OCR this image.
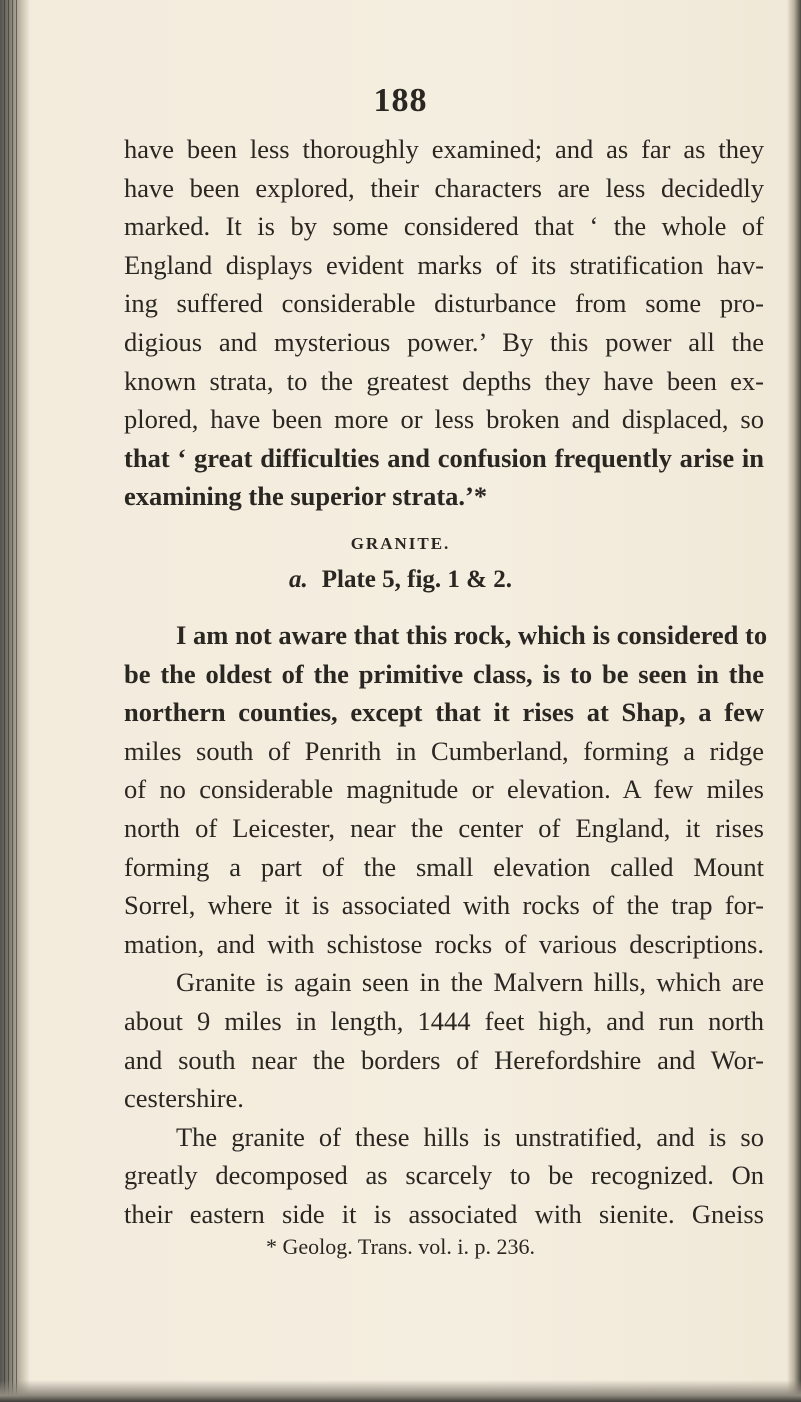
188
have been less thoroughly examined; and as far as they
have been explored, their characters are less decidedly
marked. It is by some considered that ‘ the whole of
England displays evident marks of its stratification hav-
ing suffered considerable disturbance from some pro-
digious and mysterious power.’ By this power all the
known strata, to the greatest depths they have been ex-
plored, have been more or less broken and displaced, so
that ‘ great difficulties and confusion frequently arise in
examining the superior strata.’*
GRANITE.
a. Plate 5, fig. 1 & 2.
I am not aware that this rock, which is considered to
be the oldest of the primitive class, is to be seen in the
northern counties, except that it rises at Shap, a few
miles south of Penrith in Cumberland, forming a ridge
of no considerable magnitude or elevation. A few miles
north of Leicester, near the center of England, it rises
forming a part of the small elevation called Mount
Sorrel, where it is associated with rocks of the trap for-
mation, and with schistose rocks of various descriptions.
Granite is again seen in the Malvern hills, which are
about 9 miles in length, 1444 feet high, and run north
and south near the borders of Herefordshire and Wor-
cestershire.
The granite of these hills is unstratified, and is so
greatly decomposed as scarcely to be recognized. On
their eastern side it is associated with sienite. Gneiss
* Geolog. Trans. vol. i. p. 236.
